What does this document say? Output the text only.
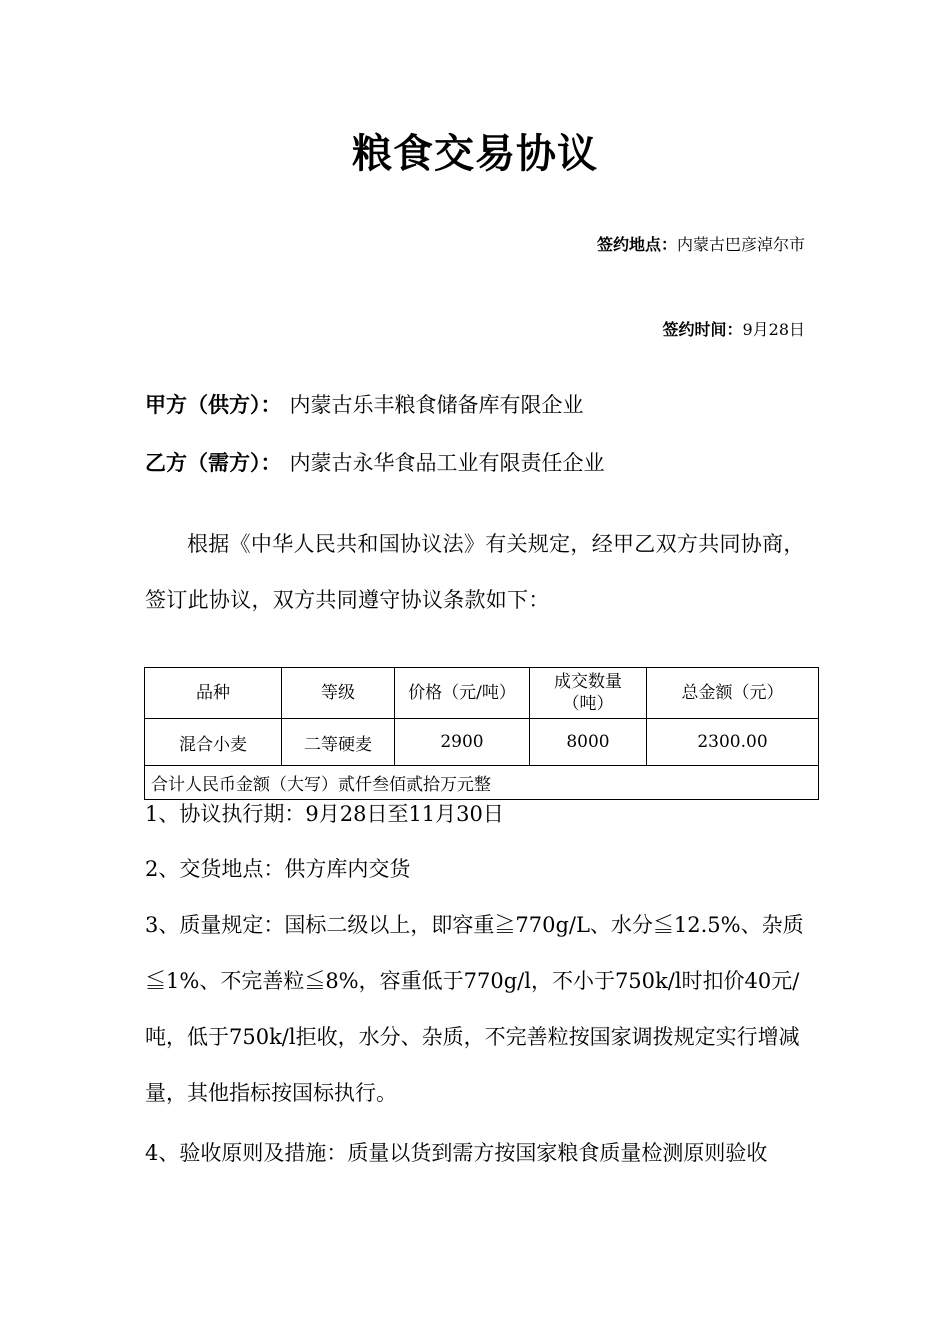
粮食交易协议
签约地点：内蒙古巴彦淖尔市
签约时间：9月28日
甲方（供方）： 内蒙古乐丰粮食储备库有限企业
乙方（需方）： 内蒙古永华食品工业有限责任企业
根据《中华人民共和国协议法》有关规定，经甲乙双方共同协商，签订此协议，双方共同遵守协议条款如下：
品种	等级	价格（元/吨）	成交数量（吨）	总金额（元）
混合小麦	二等硬麦	2900	8000	2300.00
合计人民币金额（大写）贰仟叁佰贰拾万元整				
1、协议执行期：9月28日至11月30日
2、交货地点：供方库内交货
3、质量规定：国标二级以上，即容重≧770g/L、水分≦12.5%、杂质≦1%、不完善粒≦8%，容重低于770g/l，不小于750k/l时扣价40元/吨，低于750k/l拒收，水分、杂质，不完善粒按国家调拨规定实行增减量，其他指标按国标执行。
4、验收原则及措施：质量以货到需方按国家粮食质量检测原则验收
